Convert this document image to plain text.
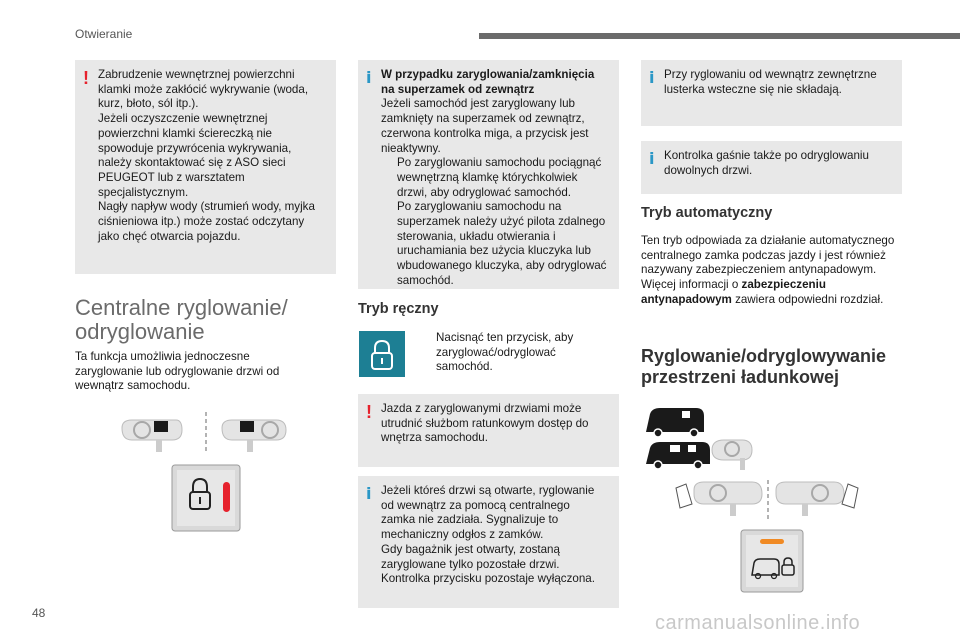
Otwieranie
! Zabrudzenie wewnętrznej powierzchni klamki może zakłócić wykrywanie (woda, kurz, błoto, sól itp.).
Jeżeli oczyszczenie wewnętrznej powierzchni klamki ściereczką nie spowoduje przywrócenia wykrywania, należy skontaktować się z ASO sieci PEUGEOT lub z warsztatem specjalistycznym.
Nagły napływ wody (strumień wody, myjka ciśnieniowa itp.) może zostać odczytany jako chęć otwarcia pojazdu.

Centralne ryglowanie/
odryglowanie
Ta funkcja umożliwia jednoczesne zaryglowanie lub odryglowanie drzwi od wewnątrz samochodu.
i W przypadku zaryglowania/zamknięcia na superzamek od zewnątrz

Jeżeli samochód jest zaryglowany lub zamknięty na superzamek od zewnątrz, czerwona kontrolka miga, a przycisk jest nieaktywny.

Po zaryglowaniu samochodu pociągnąć wewnętrzną klamkę którychkolwiek drzwi, aby odryglować samochód.
Po zaryglowaniu samochodu na superzamek należy użyć pilota zdalnego sterowania, układu otwierania i uruchamiania bez użycia kluczyka lub wbudowanego kluczyka, aby odryglować samochód.
Tryb ręczny
Nacisnąć ten przycisk, aby zaryglować/odryglować samochód.
! Jazda z zaryglowanymi drzwiami może utrudnić służbom ratunkowym dostęp do wnętrza samochodu.

i Jeżeli któreś drzwi są otwarte, ryglowanie od wewnątrz za pomocą centralnego zamka nie zadziała. Sygnalizuje to mechaniczny odgłos z zamków.
Gdy bagażnik jest otwarty, zostaną zaryglowane tylko pozostałe drzwi.
Kontrolka przycisku pozostaje wyłączona.

i Przy ryglowaniu od wewnątrz zewnętrzne lusterka wsteczne się nie składają.

i Kontrolka gaśnie także po odryglowaniu dowolnych drzwi.

Tryb automatyczny
Ten tryb odpowiada za działanie automatycznego centralnego zamka podczas jazdy i jest również nazywany zabezpieczeniem antynapadowym.
Więcej informacji o zabezpieczeniu antynapadowym zawiera odpowiedni rozdział.
Ryglowanie/odryglowywanie
przestrzeni ładunkowej
48	carmanualsonline.info
